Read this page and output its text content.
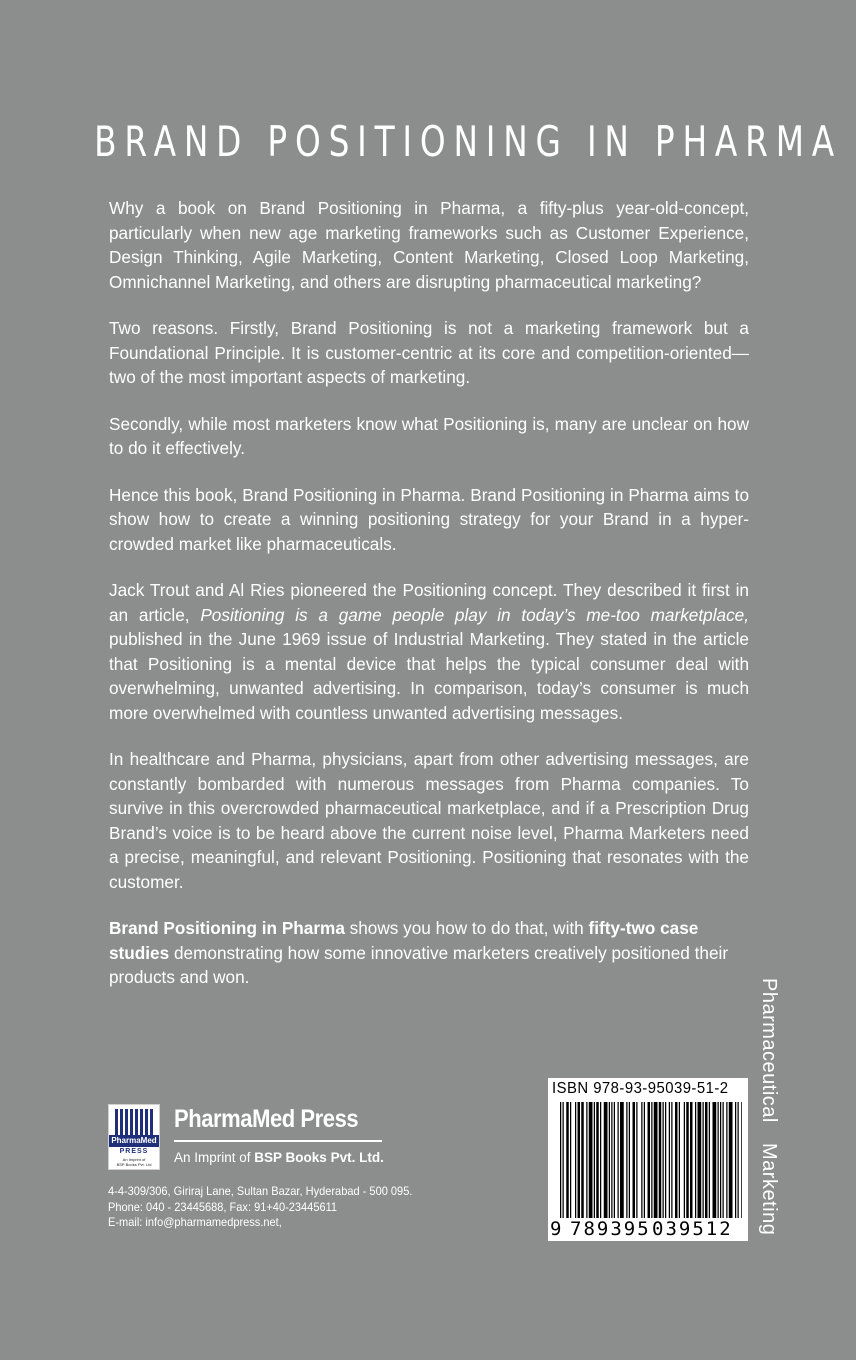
BRAND POSITIONING IN PHARMA

Why a book on Brand Positioning in Pharma, a fifty-plus year-old-concept, particularly when new age marketing frameworks such as Customer Experience, Design Thinking, Agile Marketing, Content Marketing, Closed Loop Marketing, Omnichannel Marketing, and others are disrupting pharmaceutical marketing?

Two reasons. Firstly, Brand Positioning is not a marketing framework but a Foundational Principle. It is customer-centric at its core and competition-oriented—two of the most important aspects of marketing.

Secondly, while most marketers know what Positioning is, many are unclear on how to do it effectively.

Hence this book, Brand Positioning in Pharma. Brand Positioning in Pharma aims to show how to create a winning positioning strategy for your Brand in a hyper-crowded market like pharmaceuticals.

Jack Trout and Al Ries pioneered the Positioning concept. They described it first in an article, Positioning is a game people play in today’s me-too marketplace, published in the June 1969 issue of Industrial Marketing. They stated in the article that Positioning is a mental device that helps the typical consumer deal with overwhelming, unwanted advertising. In comparison, today’s consumer is much more overwhelmed with countless unwanted advertising messages.

In healthcare and Pharma, physicians, apart from other advertising messages, are constantly bombarded with numerous messages from Pharma companies. To survive in this overcrowded pharmaceutical marketplace, and if a Prescription Drug Brand’s voice is to be heard above the current noise level, Pharma Marketers need a precise, meaningful, and relevant Positioning. Positioning that resonates with the customer.

Brand Positioning in Pharma shows you how to do that, with fifty-two case studies demonstrating how some innovative marketers creatively positioned their products and won.

Pharmaceutical Marketing
PharmaMed
PRESS
An Imprint of
BSP Books Pvt. Ltd
PharmaMed Press
An Imprint of BSP Books Pvt. Ltd.
4-4-309/306, Giriraj Lane, Sultan Bazar, Hyderabad - 500 095.
Phone: 040 - 23445688, Fax: 91+40-23445611
E-mail: info@pharmamedpress.net,
ISBN 978-93-95039-51-2
9 789395 039512
